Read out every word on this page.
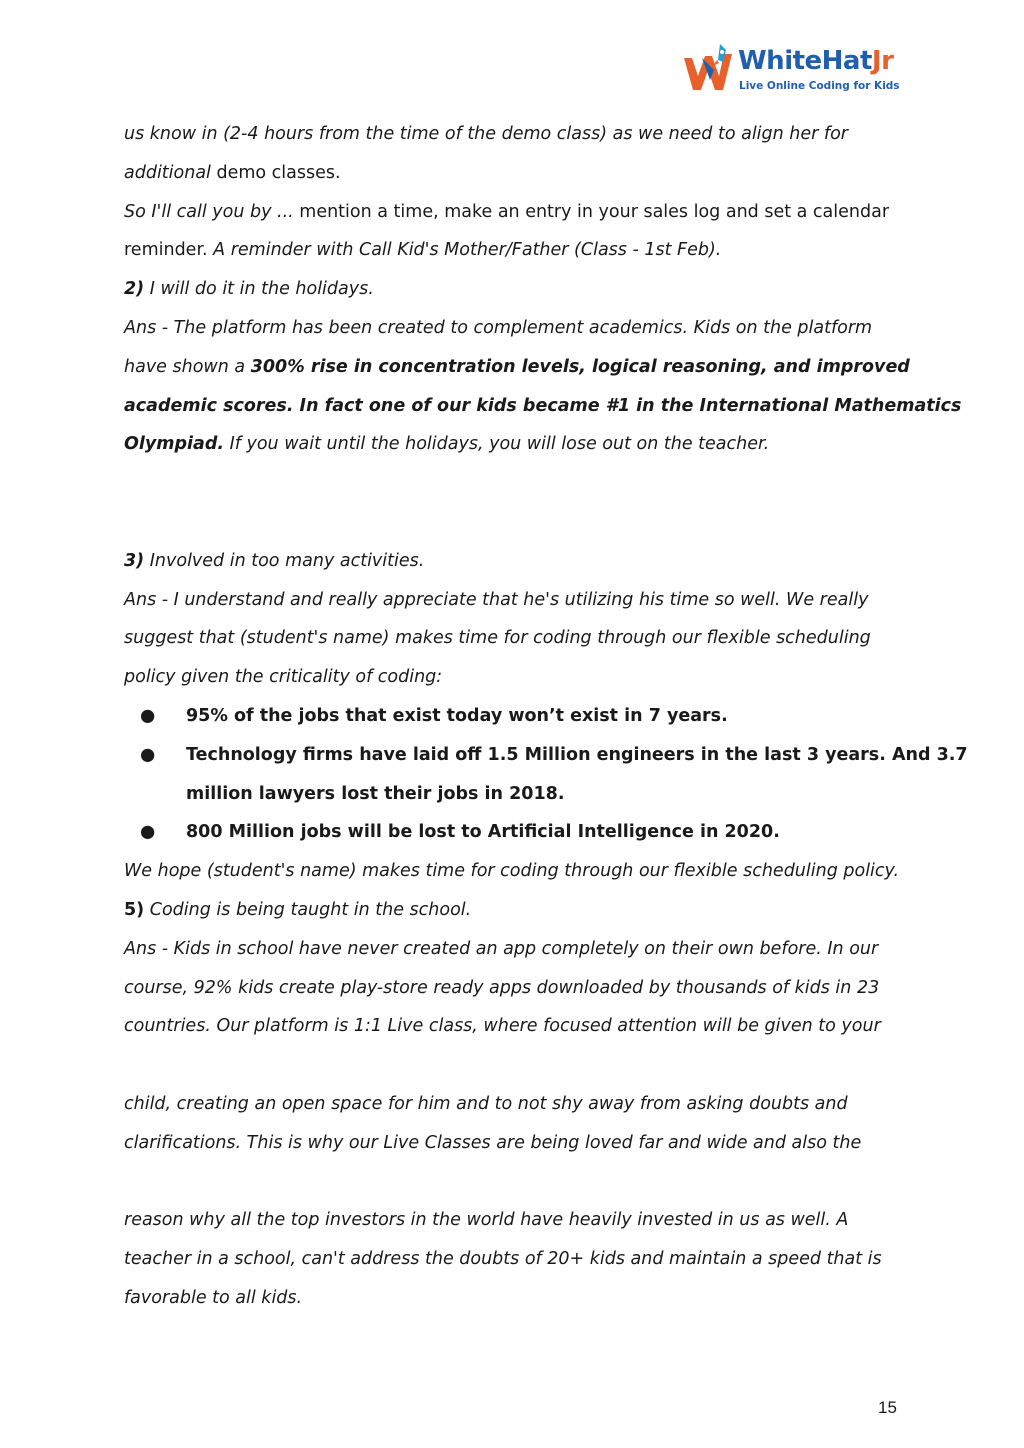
WhiteHatJr
Live Online Coding for Kids
us know in (2-4 hours from the time of the demo class) as we need to align her for
additional demo classes.
So I'll call you by ... mention a time, make an entry in your sales log and set a calendar
reminder. A reminder with Call Kid's Mother/Father (Class - 1st Feb).
2) I will do it in the holidays.
Ans - The platform has been created to complement academics. Kids on the platform
have shown a 300% rise in concentration levels, logical reasoning, and improved
academic scores. In fact one of our kids became #1 in the International Mathematics
Olympiad. If you wait until the holidays, you will lose out on the teacher.
3) Involved in too many activities.
Ans - I understand and really appreciate that he's utilizing his time so well. We really
suggest that (student's name) makes time for coding through our flexible scheduling
policy given the criticality of coding:
● 95% of the jobs that exist today won’t exist in 7 years.
● Technology firms have laid off 1.5 Million engineers in the last 3 years. And 3.7
million lawyers lost their jobs in 2018.
● 800 Million jobs will be lost to Artificial Intelligence in 2020.
We hope (student's name) makes time for coding through our flexible scheduling policy.
5) Coding is being taught in the school.
Ans - Kids in school have never created an app completely on their own before. In our
course, 92% kids create play-store ready apps downloaded by thousands of kids in 23
countries. Our platform is 1:1 Live class, where focused attention will be given to your
child, creating an open space for him and to not shy away from asking doubts and
clarifications. This is why our Live Classes are being loved far and wide and also the
reason why all the top investors in the world have heavily invested in us as well. A
teacher in a school, can't address the doubts of 20+ kids and maintain a speed that is
favorable to all kids.
15
